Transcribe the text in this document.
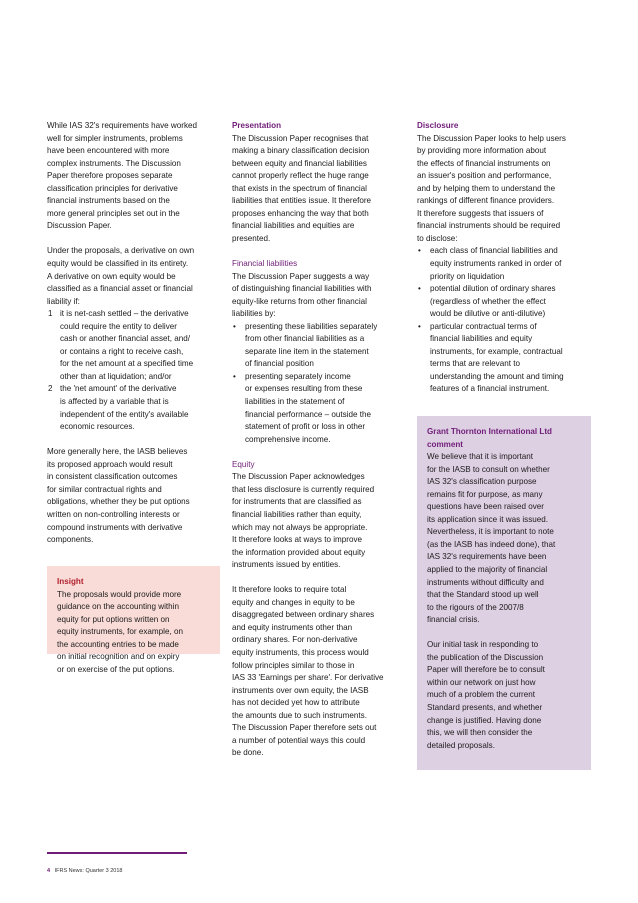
While IAS 32's requirements have worked
well for simpler instruments, problems
have been encountered with more
complex instruments. The Discussion
Paper therefore proposes separate
classification principles for derivative
financial instruments based on the
more general principles set out in the
Discussion Paper.

Under the proposals, a derivative on own
equity would be classified in its entirety.
A derivative on own equity would be
classified as a financial asset or financial
liability if:

1 it is net-cash settled – the derivative
could require the entity to deliver
cash or another financial asset, and/
or contains a right to receive cash,
for the net amount at a specified time
other than at liquidation; and/or
2 the 'net amount' of the derivative
is affected by a variable that is
independent of the entity's available
economic resources.

More generally here, the IASB believes
its proposed approach would result
in consistent classification outcomes
for similar contractual rights and
obligations, whether they be put options
written on non-controlling interests or
compound instruments with derivative
components.

Insight

The proposals would provide more
guidance on the accounting within
equity for put options written on
equity instruments, for example, on
the accounting entries to be made
on initial recognition and on expiry
or on exercise of the put options.

Presentation

The Discussion Paper recognises that
making a binary classification decision
between equity and financial liabilities
cannot properly reflect the huge range
that exists in the spectrum of financial
liabilities that entities issue. It therefore
proposes enhancing the way that both
financial liabilities and equities are
presented.

Financial liabilities

The Discussion Paper suggests a way
of distinguishing financial liabilities with
equity-like returns from other financial
liabilities by:

• presenting these liabilities separately
from other financial liabilities as a
separate line item in the statement
of financial position
• presenting separately income
or expenses resulting from these
liabilities in the statement of
financial performance – outside the
statement of profit or loss in other
comprehensive income.

Equity

The Discussion Paper acknowledges
that less disclosure is currently required
for instruments that are classified as
financial liabilities rather than equity,
which may not always be appropriate.
It therefore looks at ways to improve
the information provided about equity
instruments issued by entities.

It therefore looks to require total
equity and changes in equity to be
disaggregated between ordinary shares
and equity instruments other than
ordinary shares. For non-derivative
equity instruments, this process would
follow principles similar to those in
IAS 33 'Earnings per share'. For derivative
instruments over own equity, the IASB
has not decided yet how to attribute
the amounts due to such instruments.
The Discussion Paper therefore sets out
a number of potential ways this could
be done.

Disclosure

The Discussion Paper looks to help users
by providing more information about
the effects of financial instruments on
an issuer's position and performance,
and by helping them to understand the
rankings of different finance providers.
It therefore suggests that issuers of
financial instruments should be required
to disclose:

• each class of financial liabilities and
equity instruments ranked in order of
priority on liquidation
• potential dilution of ordinary shares
(regardless of whether the effect
would be dilutive or anti-dilutive)
• particular contractual terms of
financial liabilities and equity
instruments, for example, contractual
terms that are relevant to
understanding the amount and timing
features of a financial instrument.

Grant Thornton International Ltd
comment

We believe that it is important
for the IASB to consult on whether
IAS 32's classification purpose
remains fit for purpose, as many
questions have been raised over
its application since it was issued.
Nevertheless, it is important to note
(as the IASB has indeed done), that
IAS 32's requirements have been
applied to the majority of financial
instruments without difficulty and
that the Standard stood up well
to the rigours of the 2007/8
financial crisis.

Our initial task in responding to
the publication of the Discussion
Paper will therefore be to consult
within our network on just how
much of a problem the current
Standard presents, and whether
change is justified. Having done
this, we will then consider the
detailed proposals.

4 IFRS News: Quarter 3 2018
